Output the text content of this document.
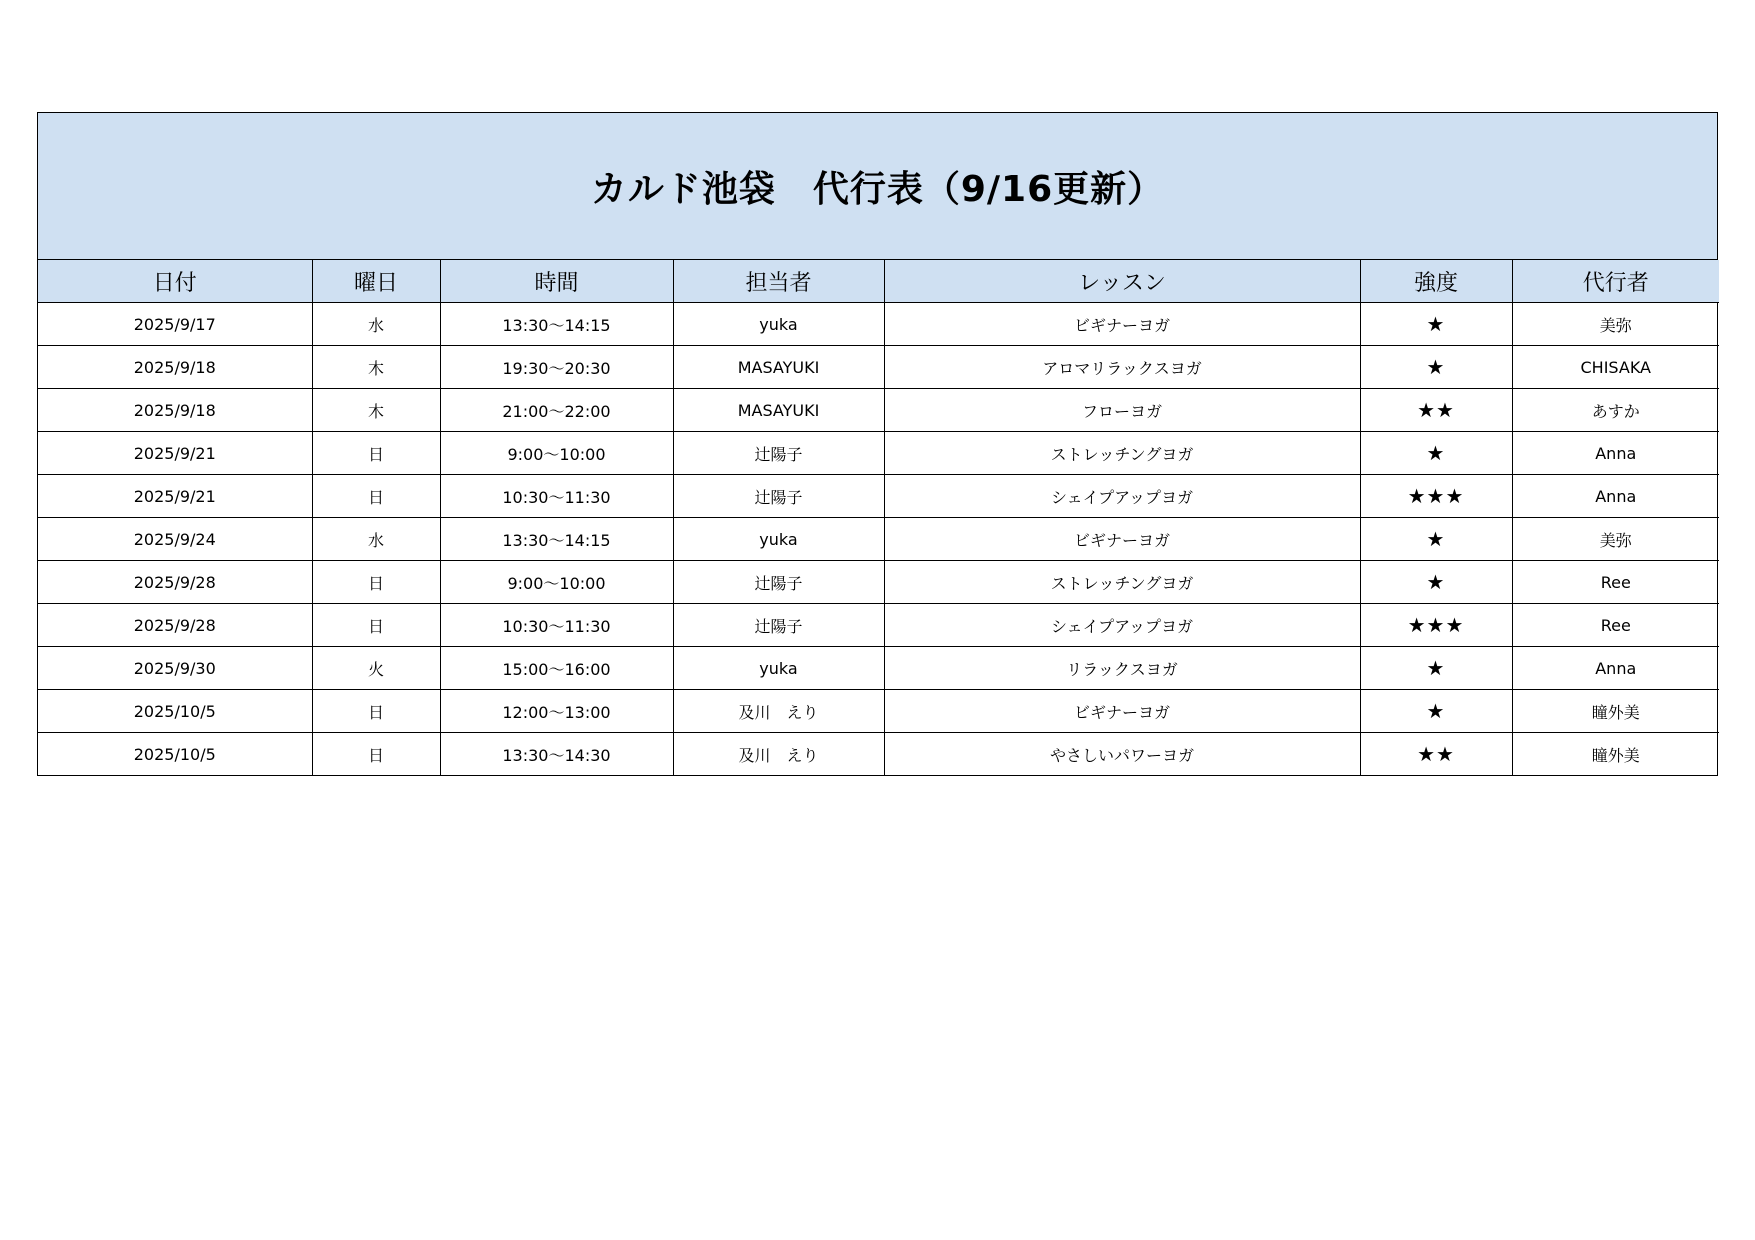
カルド池袋　代行表（9/16更新）
日付	曜日	時間	担当者	レッスン	強度	代行者
2025/9/17	水	13:30〜14:15	yuka	ビギナーヨガ	★	美弥
2025/9/18	木	19:30〜20:30	MASAYUKI	アロマリラックスヨガ	★	CHISAKA
2025/9/18	木	21:00〜22:00	MASAYUKI	フローヨガ	★★	あすか
2025/9/21	日	9:00〜10:00	辻陽子	ストレッチングヨガ	★	Anna
2025/9/21	日	10:30〜11:30	辻陽子	シェイプアップヨガ	★★★	Anna
2025/9/24	水	13:30〜14:15	yuka	ビギナーヨガ	★	美弥
2025/9/28	日	9:00〜10:00	辻陽子	ストレッチングヨガ	★	Ree
2025/9/28	日	10:30〜11:30	辻陽子	シェイプアップヨガ	★★★	Ree
2025/9/30	火	15:00〜16:00	yuka	リラックスヨガ	★	Anna
2025/10/5	日	12:00〜13:00	及川　えり	ビギナーヨガ	★	瞳外美
2025/10/5	日	13:30〜14:30	及川　えり	やさしいパワーヨガ	★★	瞳外美
